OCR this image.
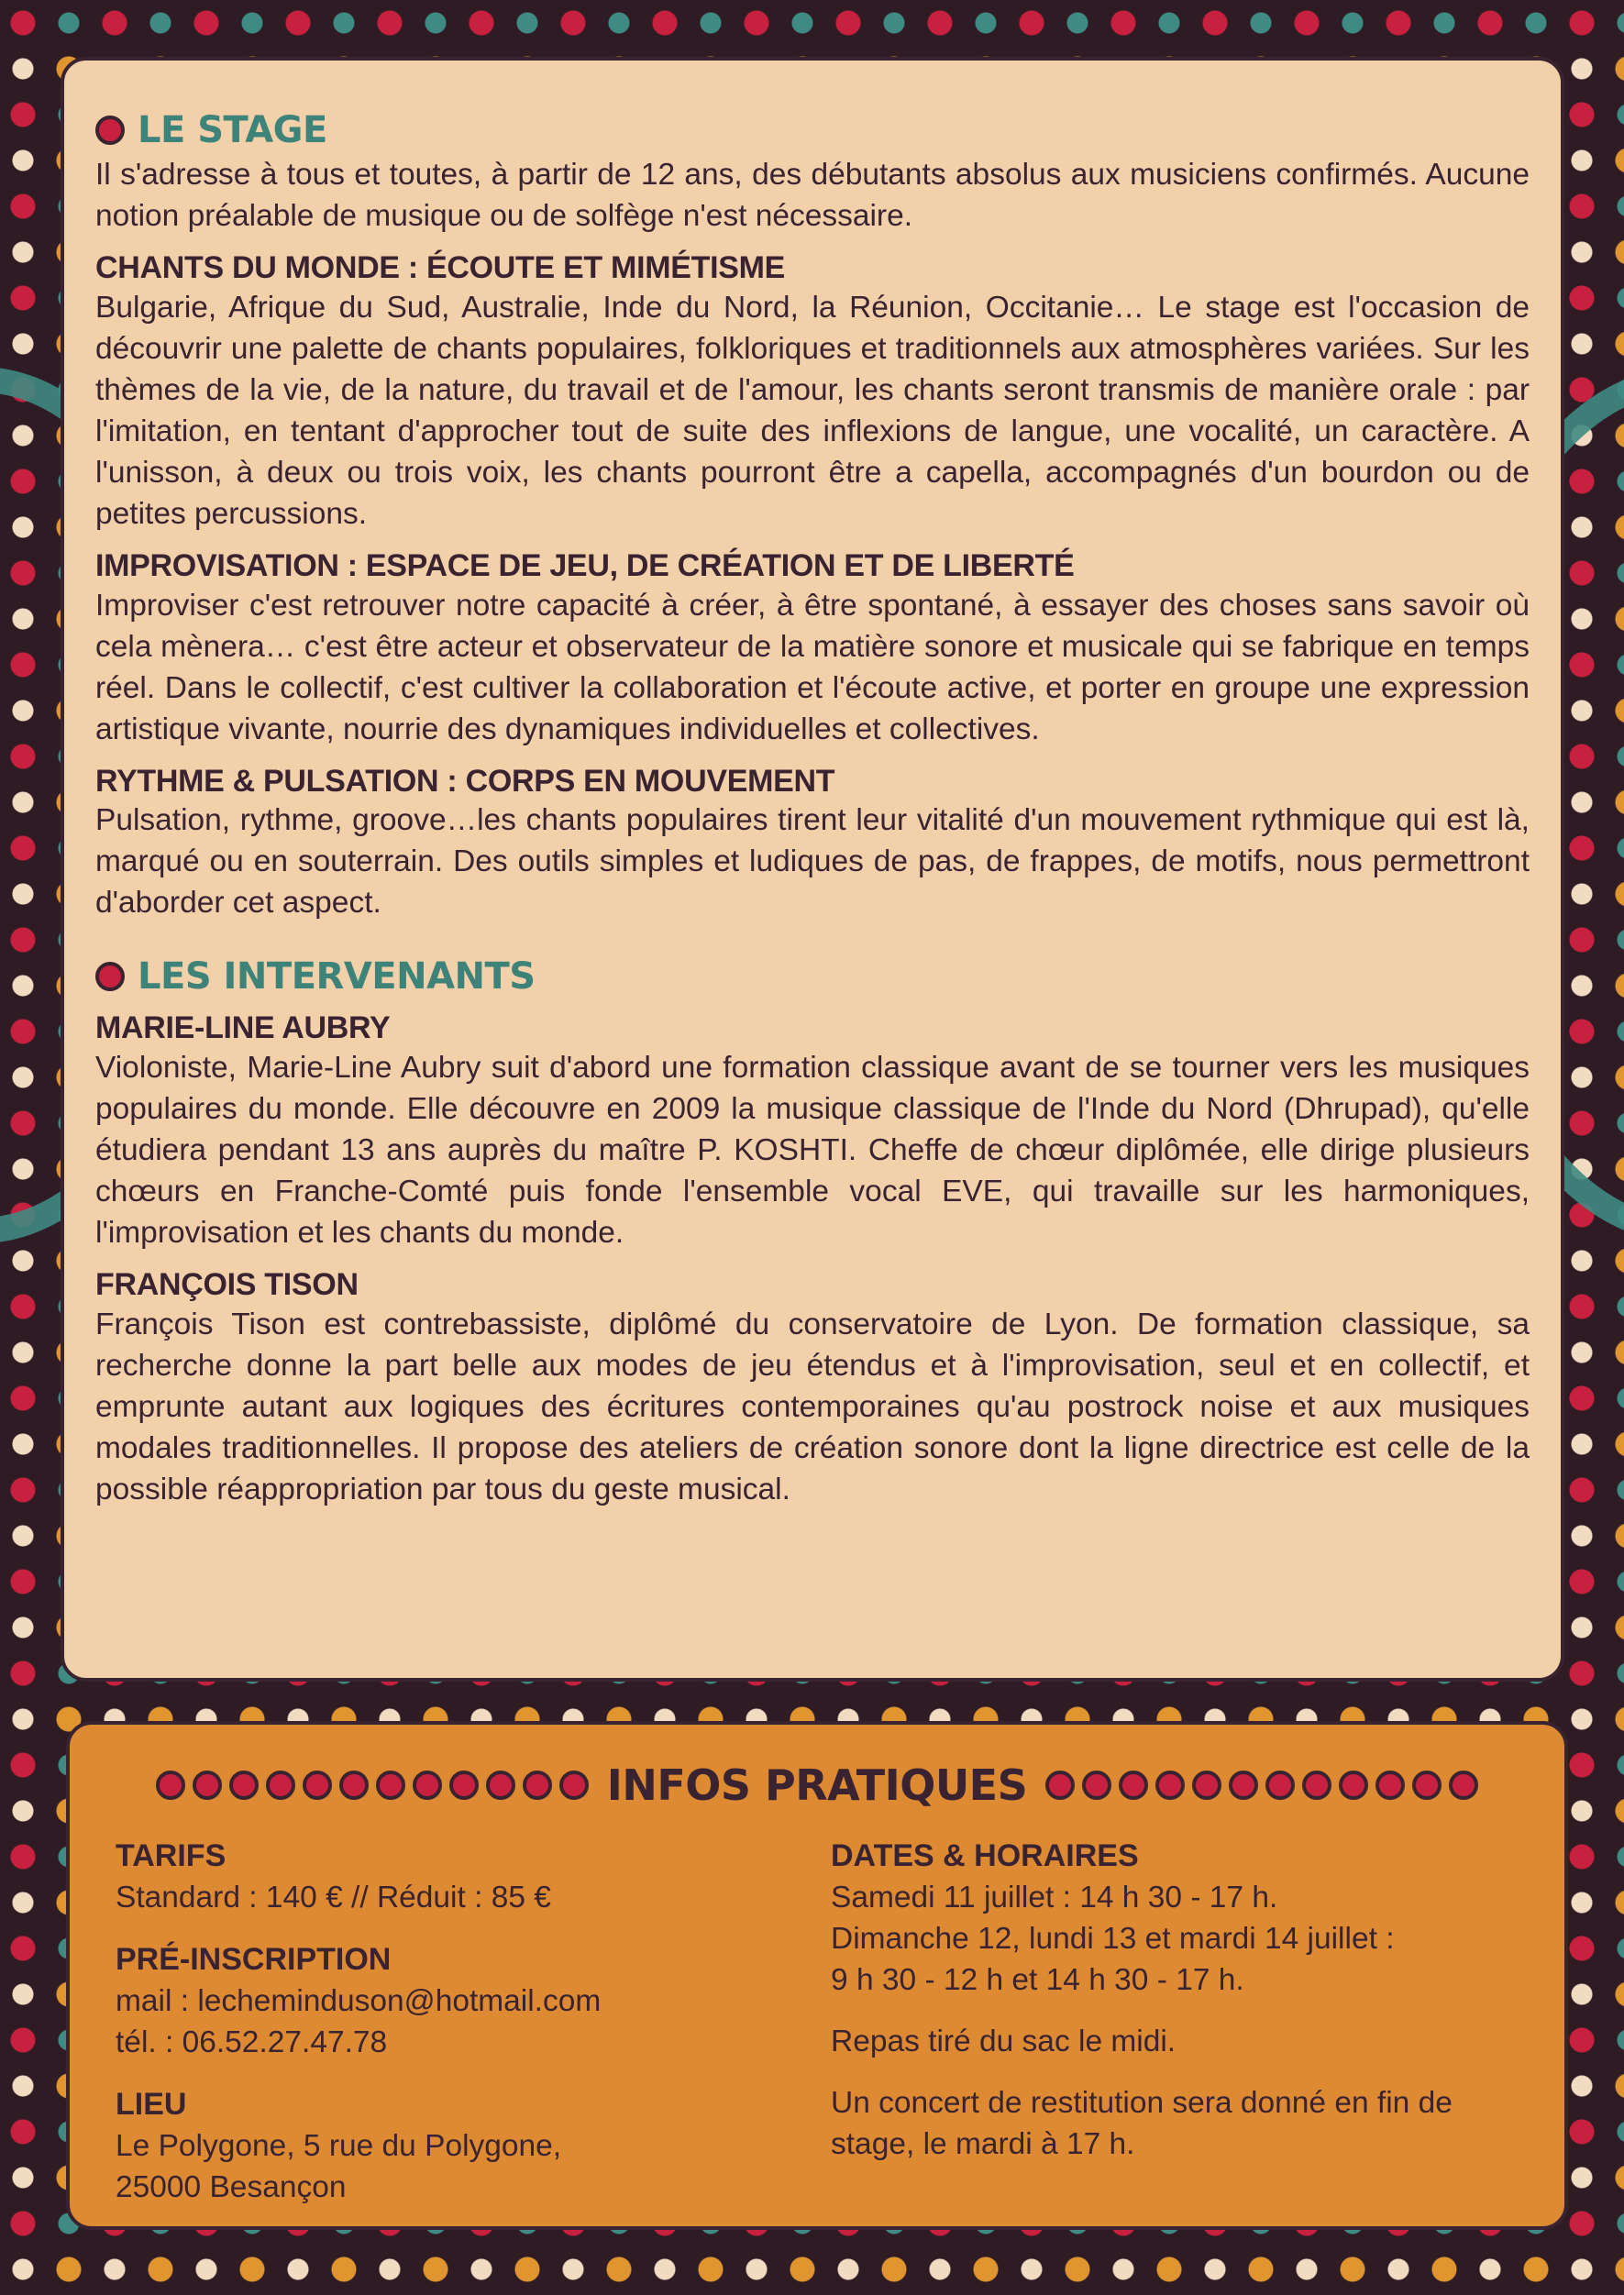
LE STAGE

Il s'adresse à tous et toutes, à partir de 12 ans, des débutants absolus aux musiciens confirmés. Aucune notion préalable de musique ou de solfège n'est nécessaire.

CHANTS DU MONDE : ÉCOUTE ET MIMÉTISME

Bulgarie, Afrique du Sud, Australie, Inde du Nord, la Réunion, Occitanie… Le stage est l'occasion de découvrir une palette de chants populaires, folkloriques et traditionnels aux atmosphères variées. Sur les thèmes de la vie, de la nature, du travail et de l'amour, les chants seront transmis de manière orale : par l'imitation, en tentant d'approcher tout de suite des inflexions de langue, une vocalité, un caractère. A l'unisson, à deux ou trois voix, les chants pourront être a capella, accompagnés d'un bourdon ou de petites percussions.

IMPROVISATION : ESPACE DE JEU, DE CRÉATION ET DE LIBERTÉ

Improviser c'est retrouver notre capacité à créer, à être spontané, à essayer des choses sans savoir où cela mènera… c'est être acteur et observateur de la matière sonore et musicale qui se fabrique en temps réel. Dans le collectif, c'est cultiver la collaboration et l'écoute active, et porter en groupe une expression artistique vivante, nourrie des dynamiques individuelles et collectives.

RYTHME & PULSATION : CORPS EN MOUVEMENT

Pulsation, rythme, groove…les chants populaires tirent leur vitalité d'un mouvement rythmique qui est là, marqué ou en souterrain. Des outils simples et ludiques de pas, de frappes, de motifs, nous permettront d'aborder cet aspect.

LES INTERVENANTS

MARIE-LINE AUBRY

Violoniste, Marie-Line Aubry suit d'abord une formation classique avant de se tourner vers les musiques populaires du monde. Elle découvre en 2009 la musique classique de l'Inde du Nord (Dhrupad), qu'elle étudiera pendant 13 ans auprès du maître P. KOSHTI. Cheffe de chœur diplômée, elle dirige plusieurs chœurs en Franche-Comté puis fonde l'ensemble vocal EVE, qui travaille sur les harmoniques, l'improvisation et les chants du monde.

FRANÇOIS TISON

François Tison est contrebassiste, diplômé du conservatoire de Lyon. De formation classique, sa recherche donne la part belle aux modes de jeu étendus et à l'improvisation, seul et en collectif, et emprunte autant aux logiques des écritures contemporaines qu'au postrock noise et aux musiques modales traditionnelles. Il propose des ateliers de création sonore dont la ligne directrice est celle de la possible réappropriation par tous du geste musical.

INFOS PRATIQUES

TARIFS

Standard : 140 € // Réduit : 85 €

PRÉ-INSCRIPTION

mail : lecheminduson@hotmail.com

tél. : 06.52.27.47.78

LIEU

Le Polygone, 5 rue du Polygone,

25000 Besançon

DATES & HORAIRES

Samedi 11 juillet : 14 h 30 - 17 h.

Dimanche 12, lundi 13 et mardi 14 juillet :

9 h 30 - 12 h et 14 h 30 - 17 h.

Repas tiré du sac le midi.

Un concert de restitution sera donné en fin de stage, le mardi à 17 h.
